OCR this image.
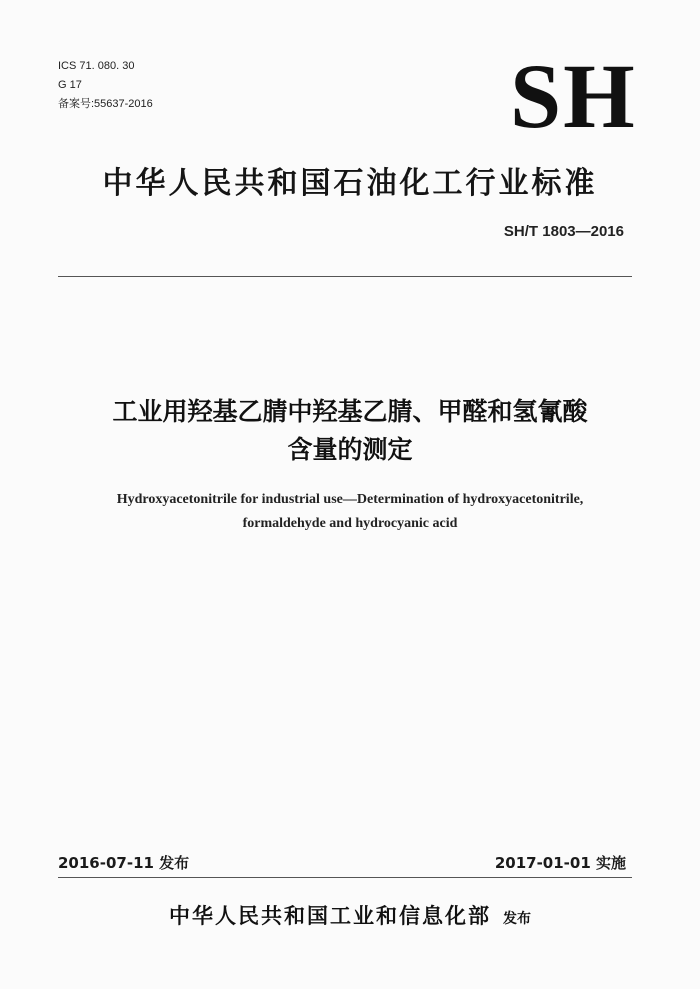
ICS 71. 080. 30
G 17
备案号:55637-2016	SH
中华人民共和国石油化工行业标准
SH/T 1803—2016
工业用羟基乙腈中羟基乙腈、甲醛和氢氰酸
含量的测定
Hydroxyacetonitrile for industrial use—Determination of hydroxyacetonitrile,
formaldehyde and hydrocyanic acid
2016-07-11 发布	2017-01-01 实施
中华人民共和国工业和信息化部 发布
